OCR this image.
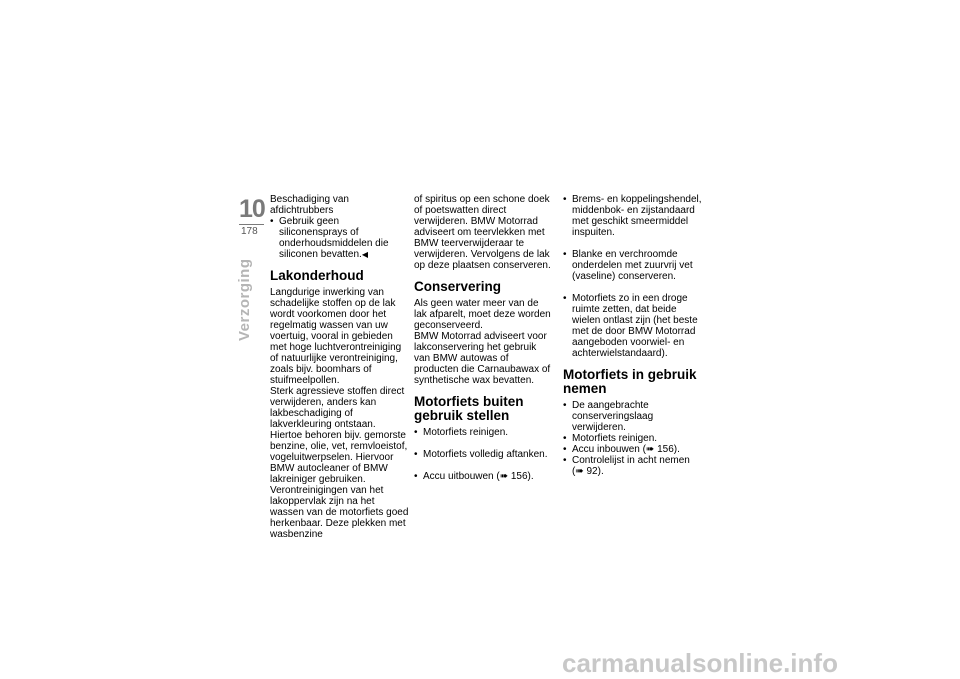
10
178
Verzorging

Beschadiging van afdichtrubbers

• Gebruik geen siliconensprays of onderhoudsmiddelen die siliconen bevatten.◀
Lakonderhoud

Langdurige inwerking van schadelijke stoffen op de lak wordt voorkomen door het regelmatig wassen van uw voertuig, vooral in gebieden met hoge luchtverontreiniging of natuurlijke verontreiniging, zoals bijv. boomhars of stuifmeelpollen.

Sterk agressieve stoffen direct verwijderen, anders kan lakbeschadiging of lakverkleuring ontstaan. Hiertoe behoren bijv. gemorste benzine, olie, vet, remvloeistof, vogeluitwerpselen. Hiervoor BMW autocleaner of BMW lakreiniger gebruiken.

Verontreinigingen van het lakoppervlak zijn na het wassen van de motorfiets goed herkenbaar. Deze plekken met wasbenzine

of spiritus op een schone doek of poetswatten direct verwijderen. BMW Motorrad adviseert om teervlekken met BMW teerverwijderaar te verwijderen. Vervolgens de lak op deze plaatsen conserveren.

Conservering

Als geen water meer van de lak afparelt, moet deze worden geconserveerd.

BMW Motorrad adviseert voor lakconservering het gebruik van BMW autowas of producten die Carnaubawax of synthetische wax bevatten.

Motorfiets buiten gebruik stellen
• Motorfiets reinigen.
• Motorfiets volledig aftanken.
• Accu uitbouwen (➠ 156).
• Brems- en koppelingshendel, middenbok- en zijstandaard met geschikt smeermiddel inspuiten.
• Blanke en verchroomde onderdelen met zuurvrij vet (vaseline) conserveren.
• Motorfiets zo in een droge ruimte zetten, dat beide wielen ontlast zijn (het beste met de door BMW Motorrad aangeboden voorwiel- en achterwielstandaard).
Motorfiets in gebruik nemen
• De aangebrachte conserveringslaag verwijderen.
• Motorfiets reinigen.
• Accu inbouwen (➠ 156).
• Controlelijst in acht nemen (➠ 92).
carmanualsonline.info
